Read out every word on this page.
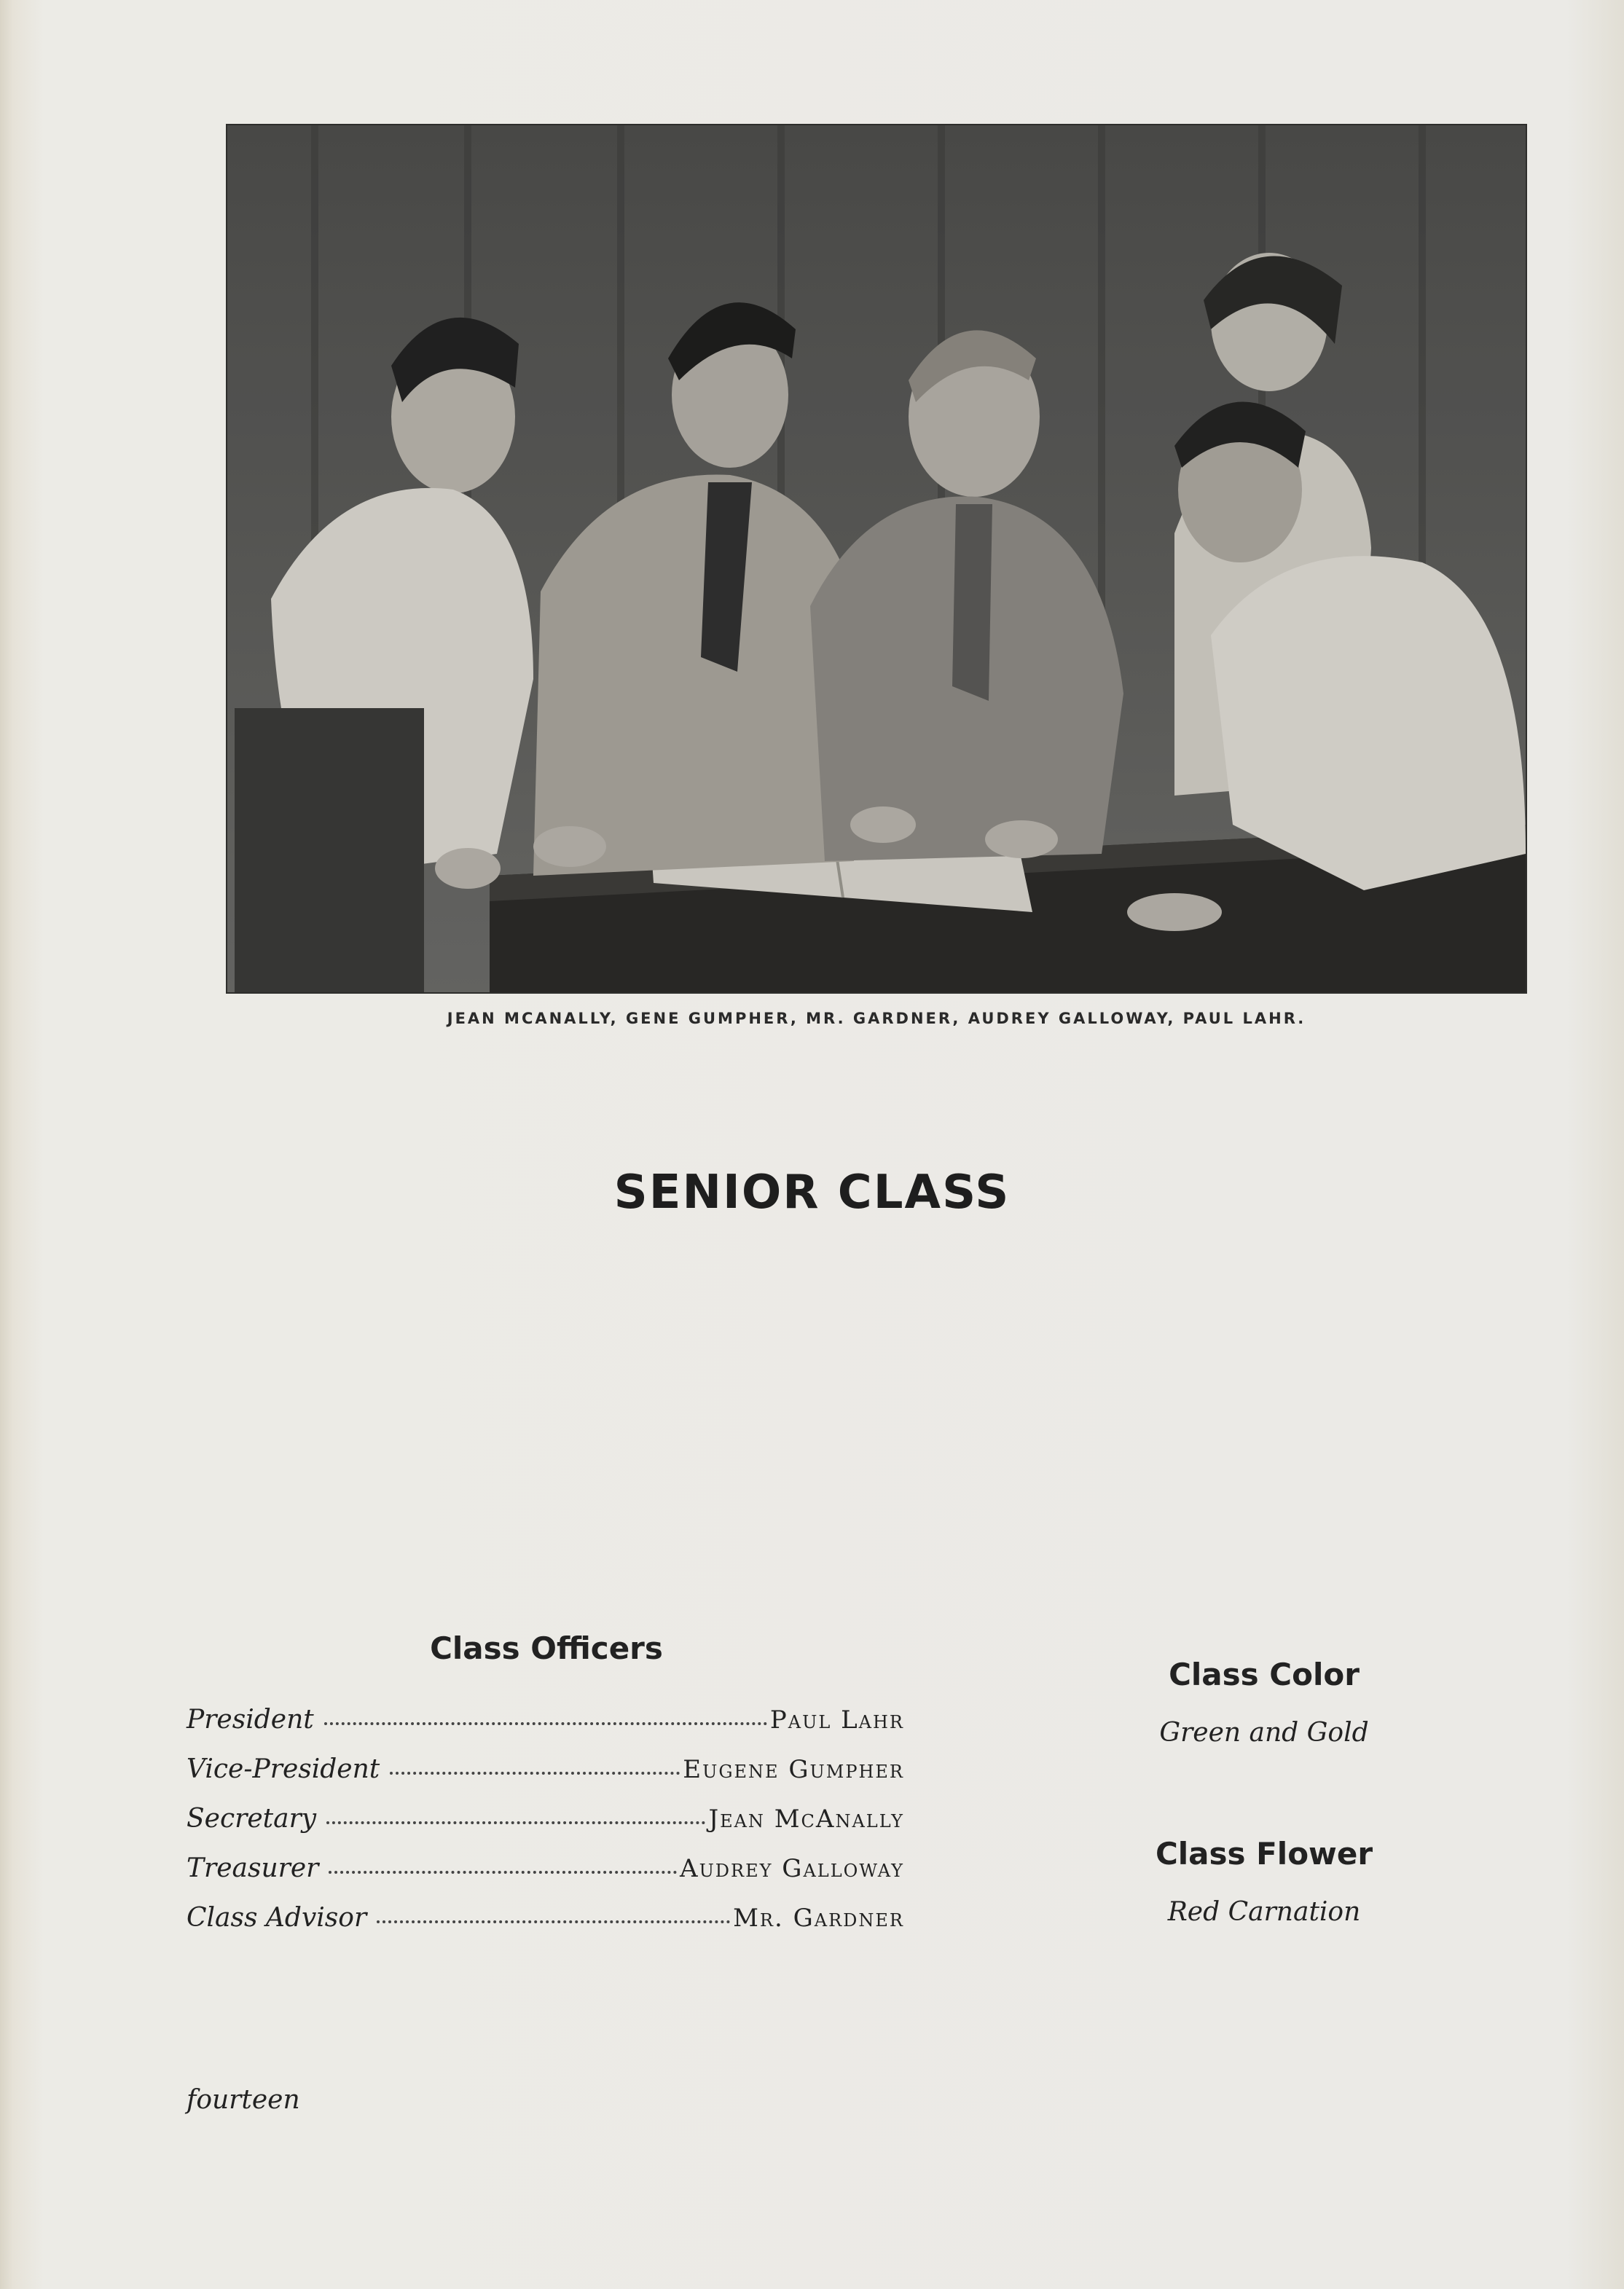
JEAN MCANALLY, GENE GUMPHER, MR. GARDNER, AUDREY GALLOWAY, PAUL LAHR.
SENIOR CLASS
Class Officers
President	Paul Lahr
Vice-President	Eugene Gumpher
Secretary	Jean McAnally
Treasurer	Audrey Galloway
Class Advisor	Mr. Gardner
Class Color
Green and Gold
Class Flower
Red Carnation
fourteen
